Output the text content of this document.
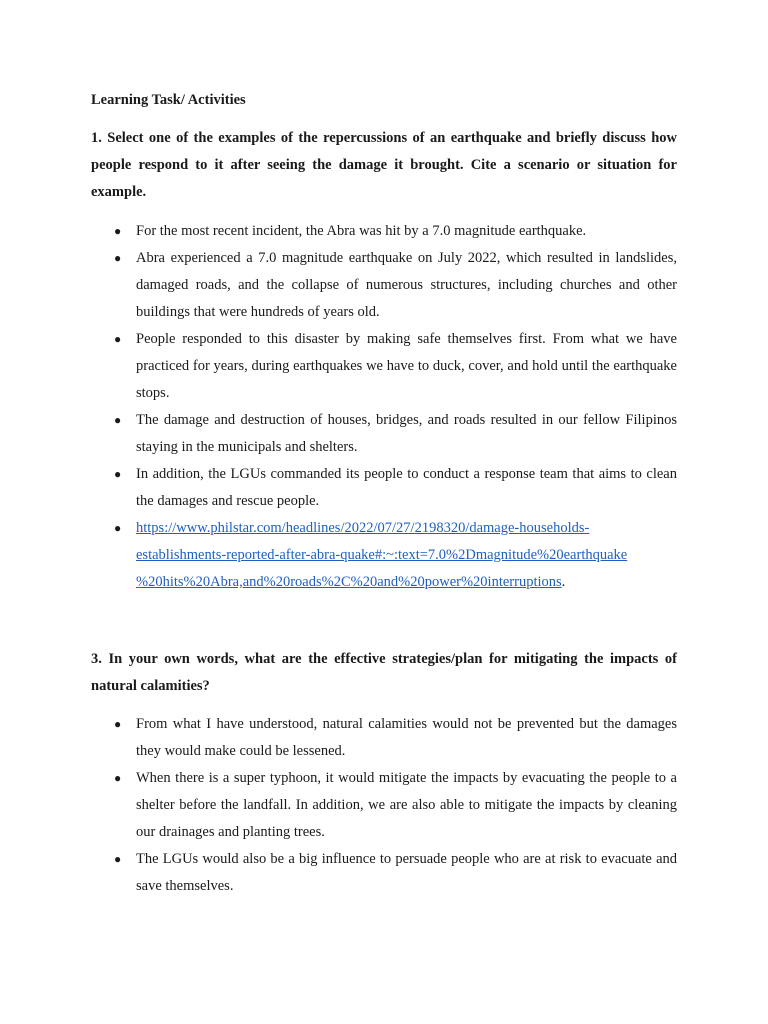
Learning Task/ Activities

1. Select one of the examples of the repercussions of an earthquake and briefly discuss how people respond to it after seeing the damage it brought. Cite a scenario or situation for example.

● For the most recent incident, the Abra was hit by a 7.0 magnitude earthquake.
● Abra experienced a 7.0 magnitude earthquake on July 2022, which resulted in landslides, damaged roads, and the collapse of numerous structures, including churches and other buildings that were hundreds of years old.
● People responded to this disaster by making safe themselves first. From what we have practiced for years, during earthquakes we have to duck, cover, and hold until the earthquake stops.
● The damage and destruction of houses, bridges, and roads resulted in our fellow Filipinos staying in the municipals and shelters.
● In addition, the LGUs commanded its people to conduct a response team that aims to clean the damages and rescue people.
● https://www.philstar.com/headlines/2022/07/27/2198320/damage-households-
establishments-reported-after-abra-quake#:~:text=7.0%2Dmagnitude%20earthquake
%20hits%20Abra,and%20roads%2C%20and%20power%20interruptions.

3. In your own words, what are the effective strategies/plan for mitigating the impacts of natural calamities?

● From what I have understood, natural calamities would not be prevented but the damages they would make could be lessened.
● When there is a super typhoon, it would mitigate the impacts by evacuating the people to a shelter before the landfall. In addition, we are also able to mitigate the impacts by cleaning our drainages and planting trees.
● The LGUs would also be a big influence to persuade people who are at risk to evacuate and save themselves.
